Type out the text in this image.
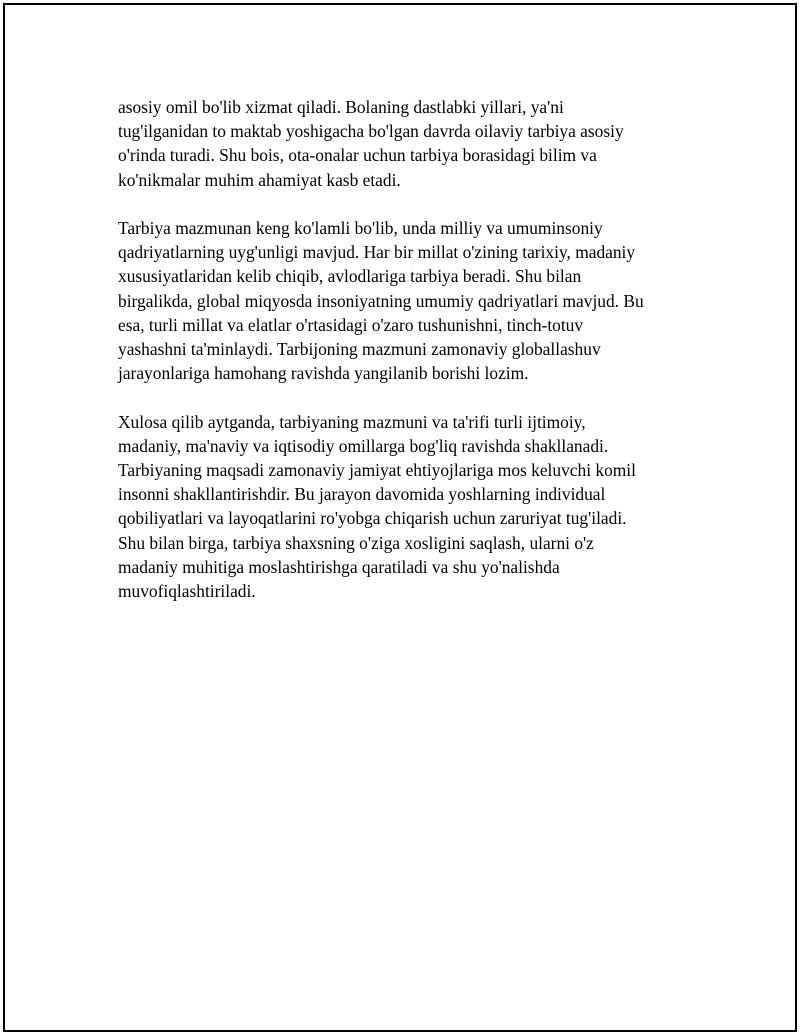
asosiy omil bo'lib xizmat qiladi. Bolaning dastlabki yillari, ya'ni
tug'ilganidan to maktab yoshigacha bo'lgan davrda oilaviy tarbiya asosiy
o'rinda turadi. Shu bois, ota-onalar uchun tarbiya borasidagi bilim va
ko'nikmalar muhim ahamiyat kasb etadi.

Tarbiya mazmunan keng ko'lamli bo'lib, unda milliy va umuminsoniy
qadriyatlarning uyg'unligi mavjud. Har bir millat o'zining tarixiy, madaniy
xususiyatlaridan kelib chiqib, avlodlariga tarbiya beradi. Shu bilan
birgalikda, global miqyosda insoniyatning umumiy qadriyatlari mavjud. Bu
esa, turli millat va elatlar o'rtasidagi o'zaro tushunishni, tinch-totuv
yashashni ta'minlaydi. Tarbijoning mazmuni zamonaviy globallashuv
jarayonlariga hamohang ravishda yangilanib borishi lozim.

Xulosa qilib aytganda, tarbiyaning mazmuni va ta'rifi turli ijtimoiy,
madaniy, ma'naviy va iqtisodiy omillarga bog'liq ravishda shakllanadi.
Tarbiyaning maqsadi zamonaviy jamiyat ehtiyojlariga mos keluvchi komil
insonni shakllantirishdir. Bu jarayon davomida yoshlarning individual
qobiliyatlari va layoqatlarini ro'yobga chiqarish uchun zaruriyat tug'iladi.
Shu bilan birga, tarbiya shaxsning o'ziga xosligini saqlash, ularni o'z
madaniy muhitiga moslashtirishga qaratiladi va shu yo'nalishda
muvofiqlashtiriladi.
